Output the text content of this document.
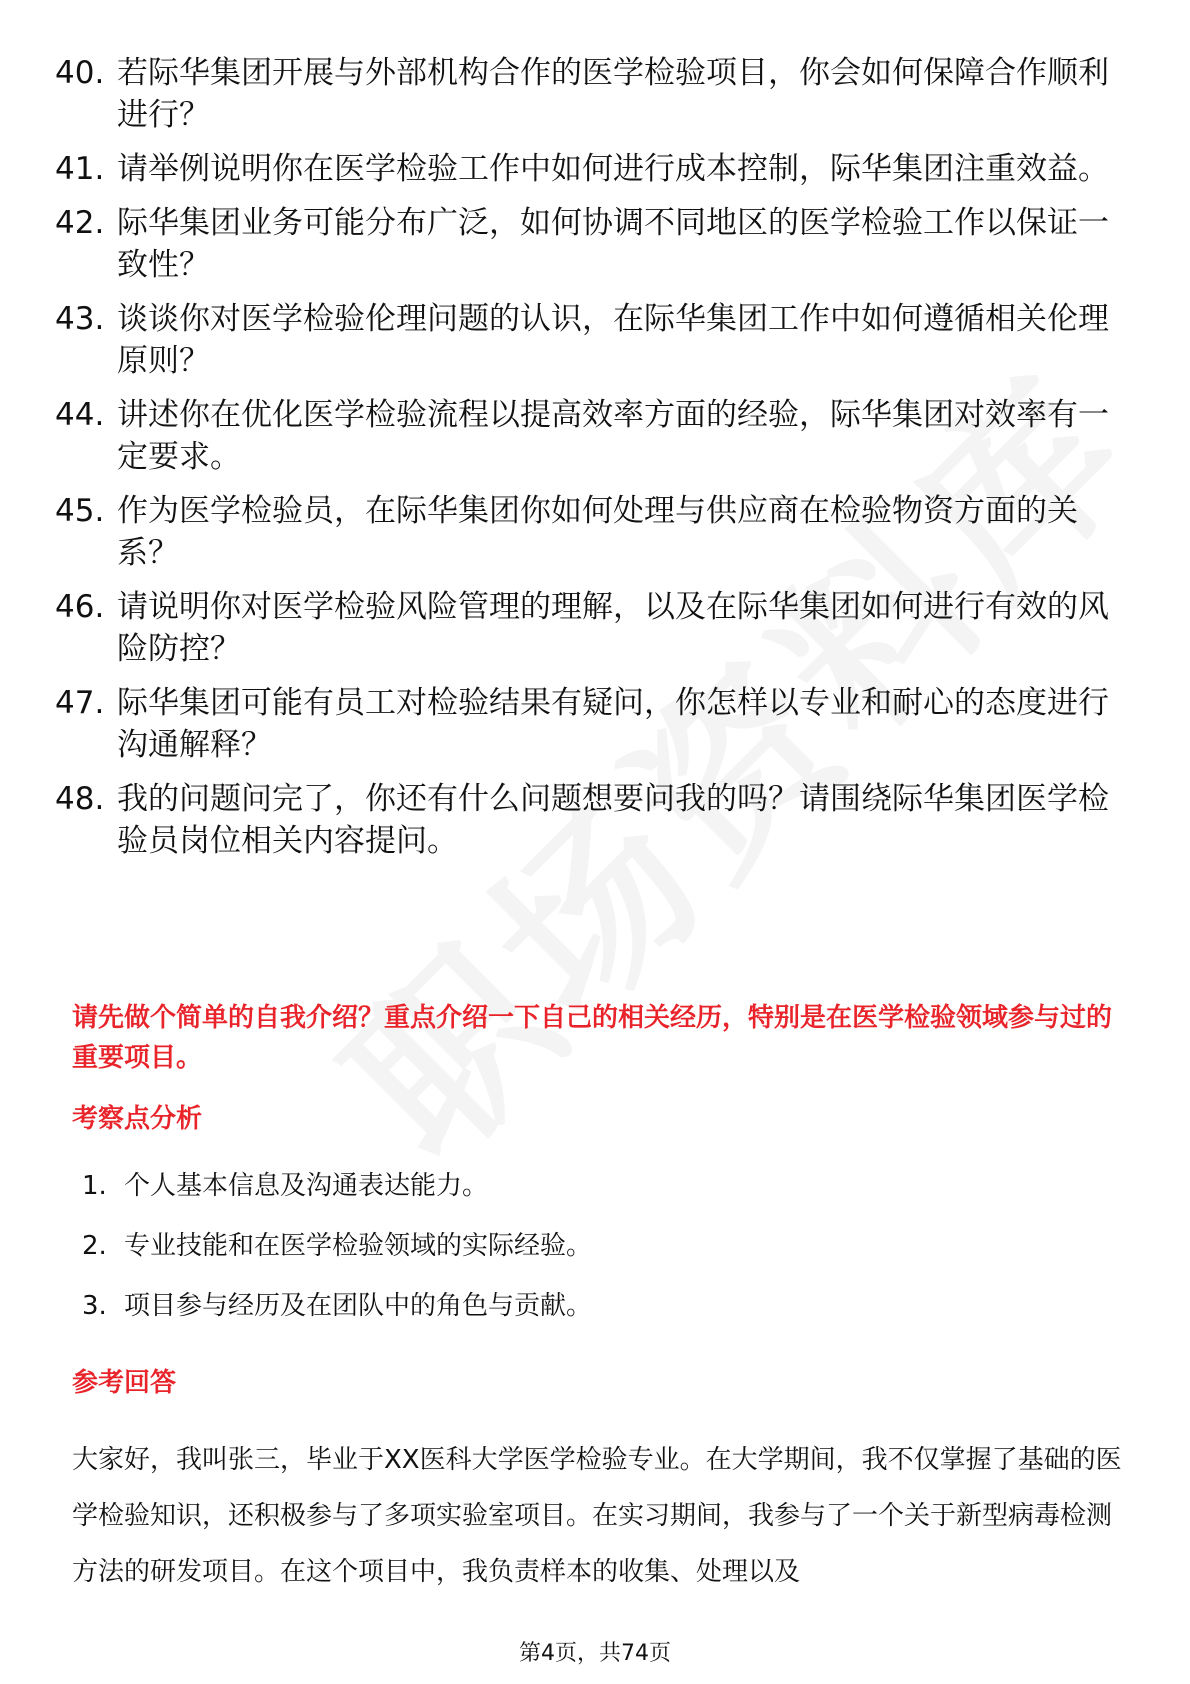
40. 若际华集团开展与外部机构合作的医学检验项目，你会如何保障合作顺利进行？
41. 请举例说明你在医学检验工作中如何进行成本控制，际华集团注重效益。
42. 际华集团业务可能分布广泛，如何协调不同地区的医学检验工作以保证一致性？
43. 谈谈你对医学检验伦理问题的认识，在际华集团工作中如何遵循相关伦理原则？
44. 讲述你在优化医学检验流程以提高效率方面的经验，际华集团对效率有一定要求。
45. 作为医学检验员，在际华集团你如何处理与供应商在检验物资方面的关系？
46. 请说明你对医学检验风险管理的理解，以及在际华集团如何进行有效的风险防控？
47. 际华集团可能有员工对检验结果有疑问，你怎样以专业和耐心的态度进行沟通解释？
48. 我的问题问完了，你还有什么问题想要问我的吗？请围绕际华集团医学检验员岗位相关内容提问。

请先做个简单的自我介绍？重点介绍一下自己的相关经历，特别是在医学检验领域参与过的重要项目。

考察点分析
1. 个人基本信息及沟通表达能力。
2. 专业技能和在医学检验领域的实际经验。
3. 项目参与经历及在团队中的角色与贡献。
参考回答

大家好，我叫张三，毕业于XX医科大学医学检验专业。在大学期间，我不仅掌握了基础的医学检验知识，还积极参与了多项实验室项目。在实习期间，我参与了一个关于新型病毒检测方法的研发项目。在这个项目中，我负责样本的收集、处理以及

第4页，共74页
